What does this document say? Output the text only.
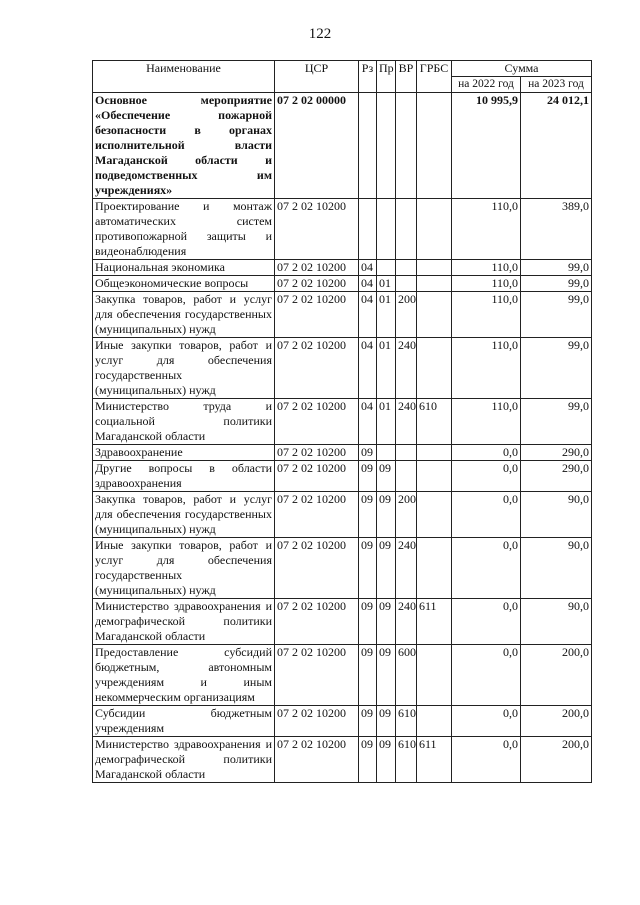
122
Наименование	ЦСР	Рз	Пр	ВР	ГРБС	Сумма	
						на 2022 год	на 2023 год
Основное мероприятие «Обеспечение пожарной безопасности в органах исполнительной власти Магаданской области и подведомственных им учреждениях»	07 2 02 00000					10 995,9	24 012,1
Проектирование и монтаж автоматических систем противопожарной защиты и видеонаблюдения	07 2 02 10200					110,0	389,0
Национальная экономика	07 2 02 10200	04				110,0	99,0
Общеэкономические вопросы	07 2 02 10200	04	01			110,0	99,0
Закупка товаров, работ и услуг для обеспечения государственных (муниципальных) нужд	07 2 02 10200	04	01	200		110,0	99,0
Иные закупки товаров, работ и услуг для обеспечения государственных (муниципальных) нужд	07 2 02 10200	04	01	240		110,0	99,0
Министерство труда и социальной политики Магаданской области	07 2 02 10200	04	01	240	610	110,0	99,0
Здравоохранение	07 2 02 10200	09				0,0	290,0
Другие вопросы в области здравоохранения	07 2 02 10200	09	09			0,0	290,0
Закупка товаров, работ и услуг для обеспечения государственных (муниципальных) нужд	07 2 02 10200	09	09	200		0,0	90,0
Иные закупки товаров, работ и услуг для обеспечения государственных (муниципальных) нужд	07 2 02 10200	09	09	240		0,0	90,0
Министерство здравоохранения и демографической политики Магаданской области	07 2 02 10200	09	09	240	611	0,0	90,0
Предоставление субсидий бюджетным, автономным учреждениям и иным некоммерческим организациям	07 2 02 10200	09	09	600		0,0	200,0
Субсидии бюджетным учреждениям	07 2 02 10200	09	09	610		0,0	200,0
Министерство здравоохранения и демографической политики Магаданской области	07 2 02 10200	09	09	610	611	0,0	200,0
